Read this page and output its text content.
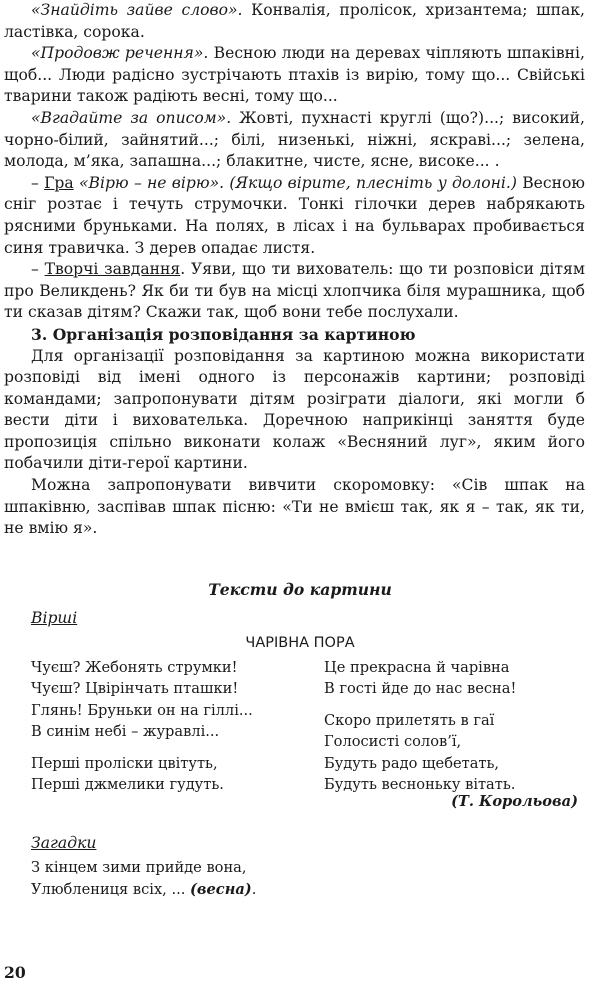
«Знайдіть зайве слово». Конвалія, пролісок, хризантема; шпак, ластівка, сорока.

«Продовж речення». Весною люди на деревах чіпляють шпаківні, щоб... Люди радісно зустрічають птахів із вирію, тому що... Свійські тварини також радіють весні, тому що...

«Вгадайте за описом». Жовті, пухнасті круглі (що?)...; високий, чорно-білий, зайнятий...; білі, низенькі, ніжні, яскраві...; зелена, молода, м’яка, запашна...; блакитне, чисте, ясне, високе... .

– Гра «Вірю – не вірю». (Якщо вірите, плесніть у долоні.) Весною сніг розтає і течуть струмочки. Тонкі гілочки дерев набрякають рясними бруньками. На полях, в лісах і на бульварах пробивається синя травичка. З дерев опадає листя.

– Творчі завдання. Уяви, що ти вихователь: що ти розповіси дітям про Великдень? Як би ти був на місці хлопчика біля мурашника, щоб ти сказав дітям? Скажи так, щоб вони тебе послухали.

3. Організація розповідання за картиною

Для організації розповідання за картиною можна використати розповіді від імені одного із персонажів картини; розповіді командами; запропонувати дітям розіграти діалоги, які могли б вести діти і вихователька. Доречною наприкінці заняття буде пропозиція спільно виконати колаж «Весняний луг», яким його побачили діти-герої картини.

Можна запропонувати вивчити скоромовку: «Сів шпак на шпаківню, заспівав шпак пісню: «Ти не вмієш так, як я – так, як ти, не вмію я».

Тексти до картини
Вірші
ЧАРІВНА ПОРА
Чуєш? Жебонять струмки!
Чуєш? Цвірінчать пташки!
Глянь! Бруньки он на гіллі...
В синім небі – журавлі...
Перші проліски цвітуть,
Перші джмелики гудуть.
Це прекрасна й чарівна
В гості йде до нас весна!
Скоро прилетять в гаї
Голосисті солов’ї,
Будуть радо щебетать,
Будуть весноньку вітать.
(Т. Корольова)
Загадки
З кінцем зими прийде вона,
Улюблениця всіх, ... (весна).
20
